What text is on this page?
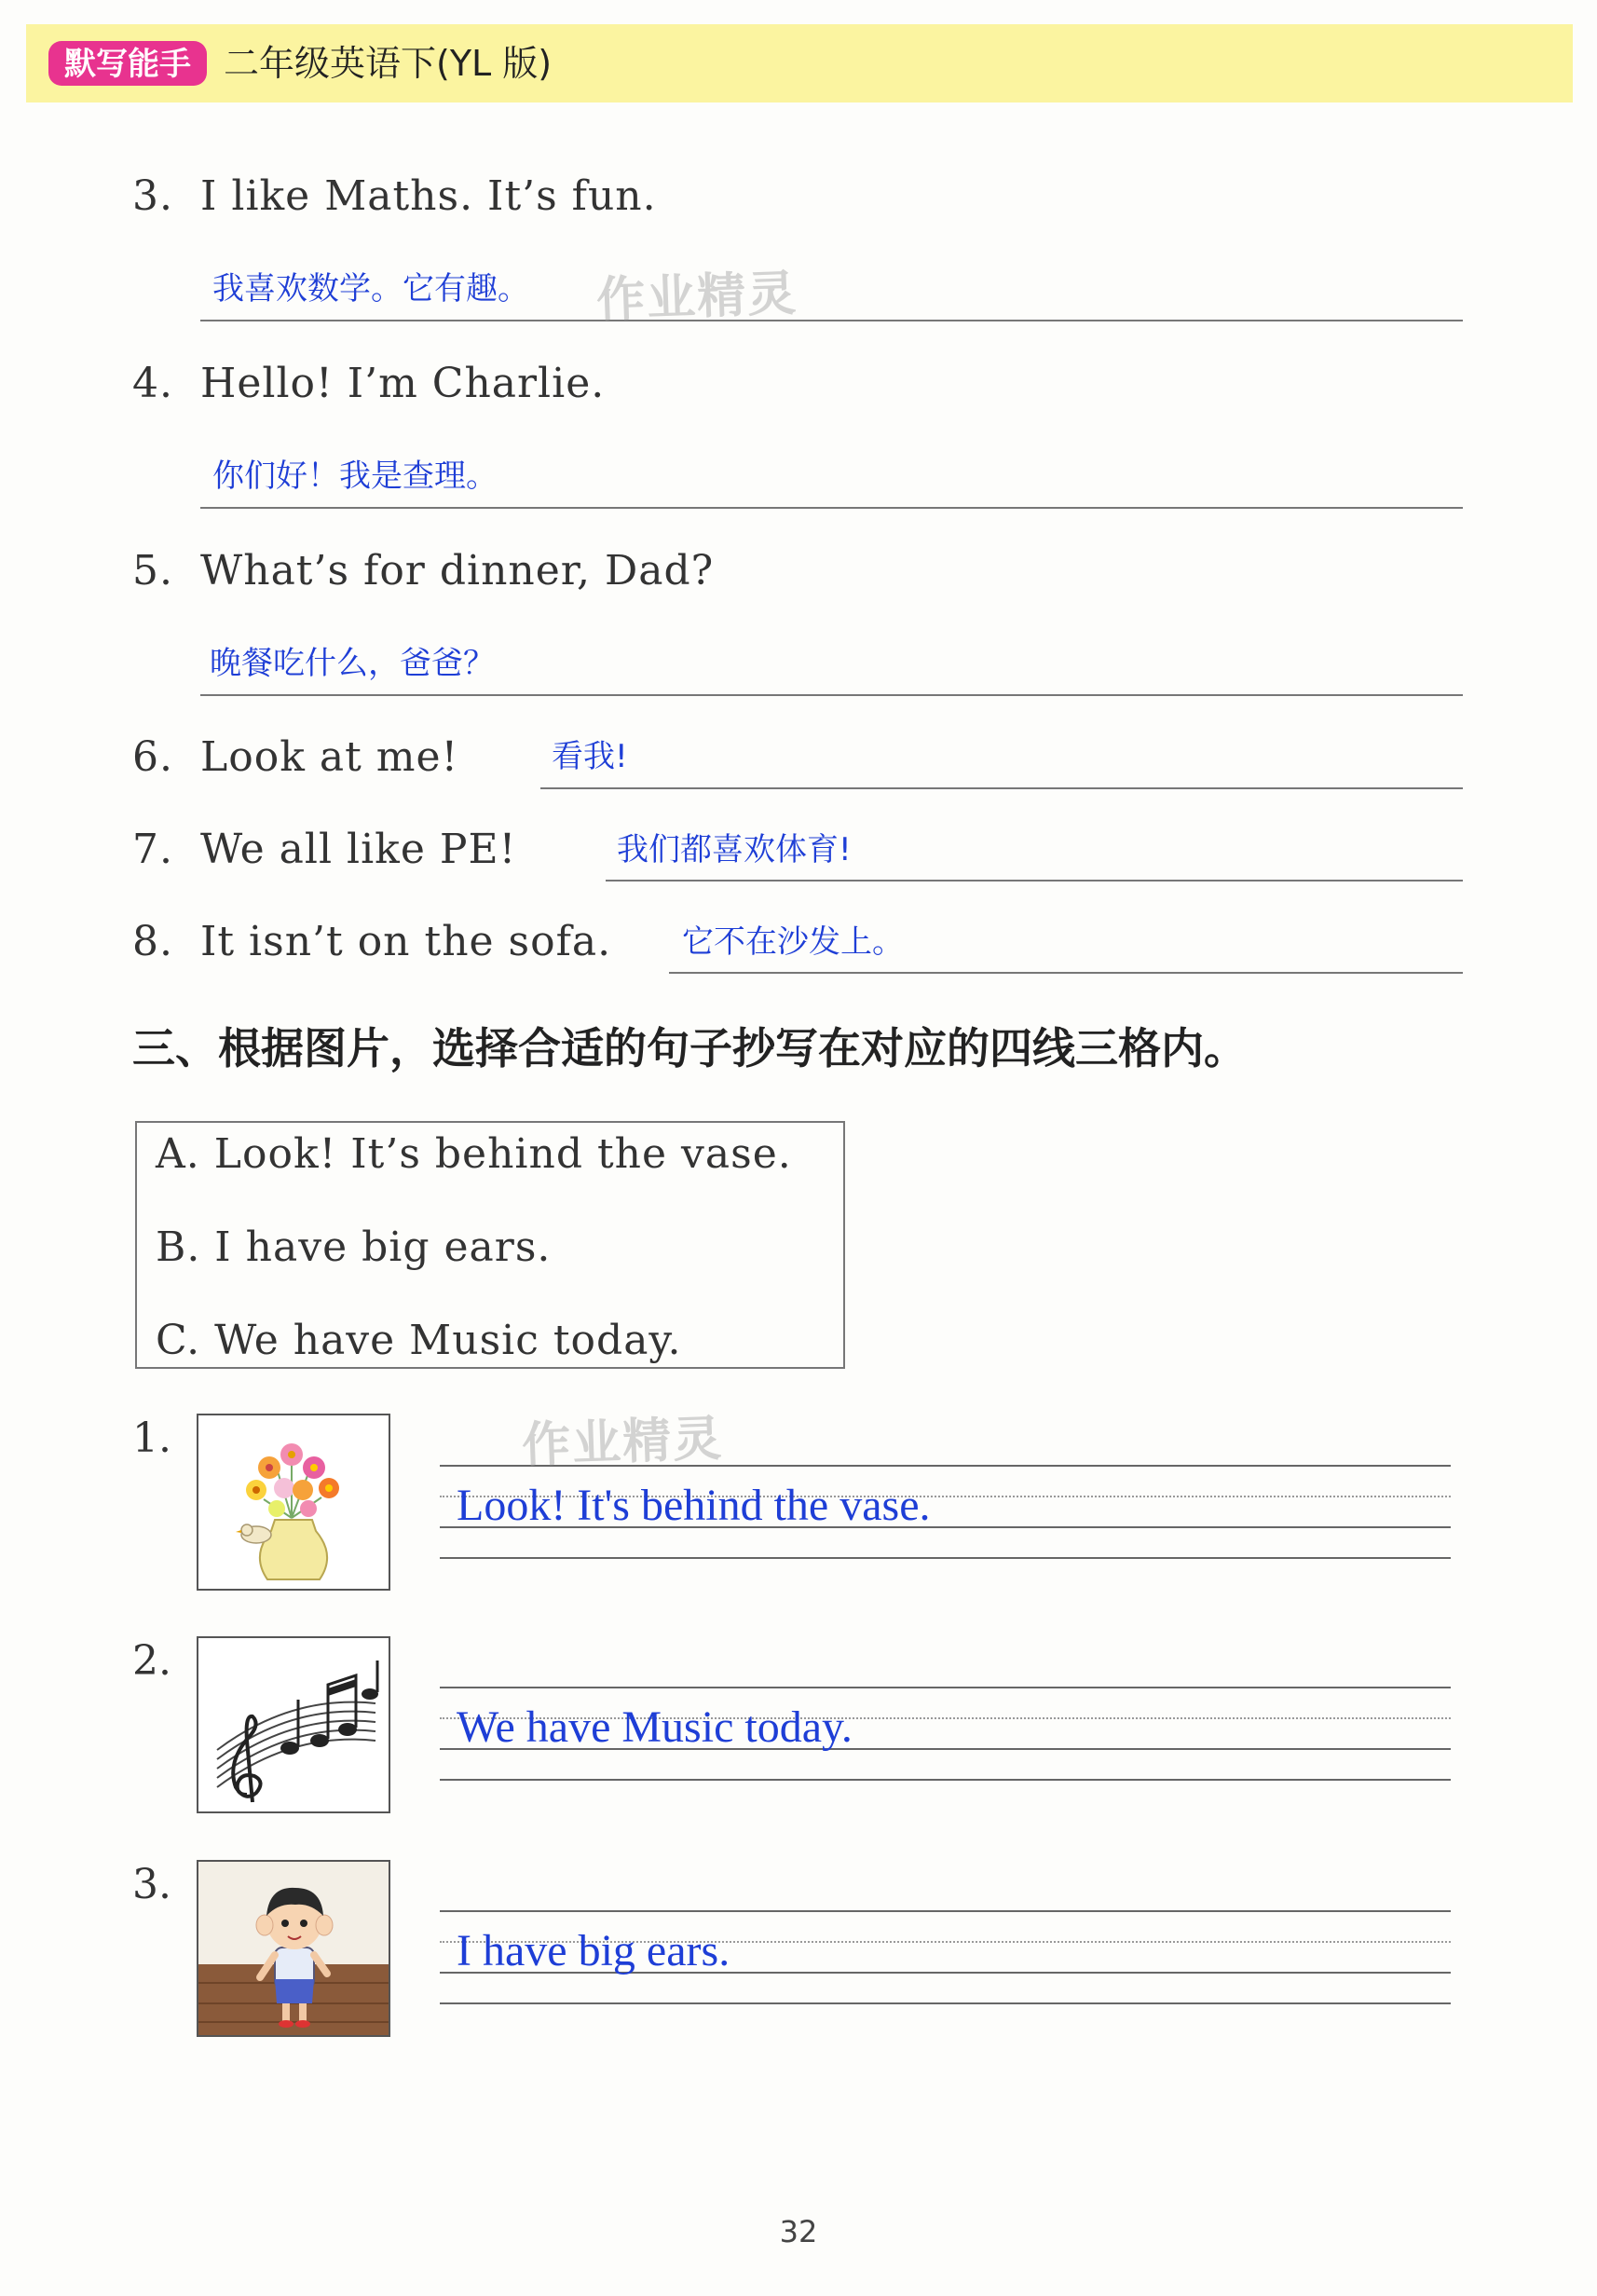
默写能手 二年级英语下(YL 版)
3. I like Maths. It’s fun.
我喜欢数学。它有趣。
4. Hello! I’m Charlie.
你们好！我是查理。
5. What’s for dinner, Dad?
晚餐吃什么，爸爸？
6. Look at me!	看我!
7. We all like PE!	我们都喜欢体育!
8. It isn’t on the sofa. 它不在沙发上。
三、根据图片，选择合适的句子抄写在对应的四线三格内。
A. Look! It’s behind the vase.
B. I have big ears.
C. We have Music today.
1.
Look! It's behind the vase.
2.
We have Music today.
3.
I have big ears.
作业精灵
作业精灵
32
